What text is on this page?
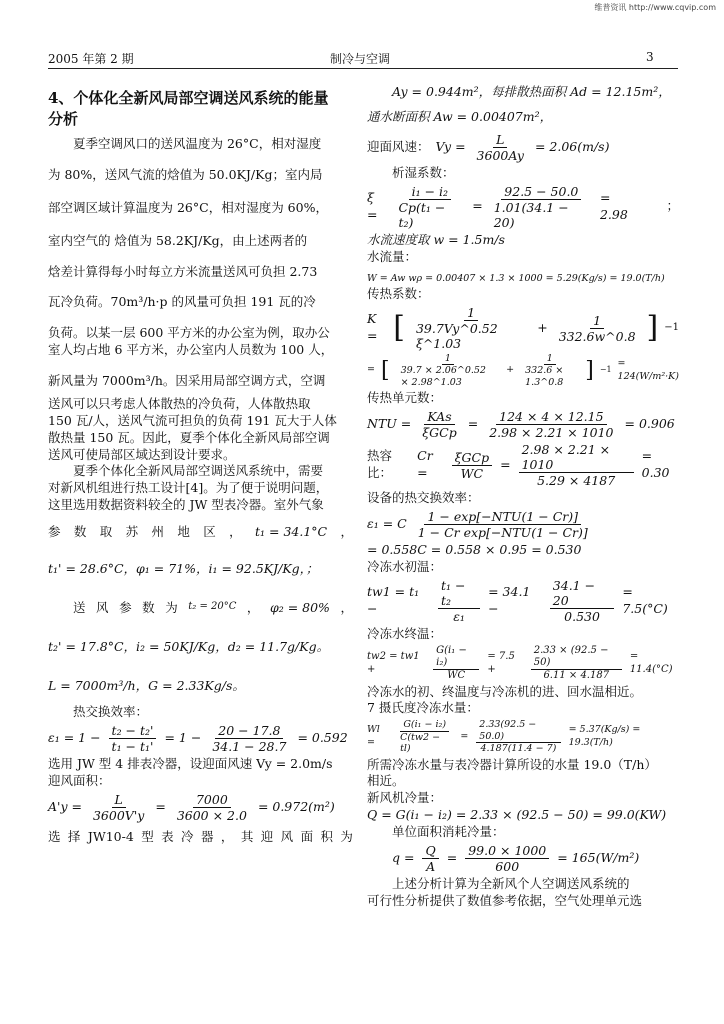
维普资讯 http://www.cqvip.com
2005 年第 2 期	制冷与空调	3

4、个体化全新风局部空调送风系统的能量
分析

夏季空调风口的送风温度为 26°C，相对湿度

为 80%，送风气流的焓值为 50.0KJ/Kg；室内局

部空调区域计算温度为 26°C，相对湿度为 60%，

室内空气的 焓值为 58.2KJ/Kg，由上述两者的

焓差计算得每小时每立方米流量送风可负担 2.73

瓦冷负荷。70m³/h·p 的风量可负担 191 瓦的冷

负荷。以某一层 600 平方米的办公室为例，取办公

室人均占地 6 平方米，办公室内人员数为 100 人，

新风量为 7000m³/h。因采用局部空调方式，空调

送风可以只考虑人体散热的冷负荷，人体散热取

150 瓦/人，送风气流可担负的负荷 191 瓦大于人体

散热量 150 瓦。因此，夏季个体化全新风局部空调

送风可使局部区域达到设计要求。

夏季个体化全新风局部空调送风系统中，需要

对新风机组进行热工设计[4]。为了便于说明问题，

这里选用数据资料较全的 JW 型表冷器。室外气象

参 数 取 苏 州 地 区 ， t₁ = 34.1°C ，

t₁' = 28.6°C，φ₁ = 71%，i₁ = 92.5KJ/Kg，；

送 风 参 数 为 t₂ = 20°C ， φ₂ = 80% ，

t₂' = 17.8°C，i₂ = 50KJ/Kg，d₂ = 11.7g/Kg。

L = 7000m³/h，G = 2.33Kg/s。

热交换效率：

$\varepsilon_1 = 1 - \frac{\text{t₂ − t₂'}}{\text{t₁ − t₁'}} = 1 - \frac{20 - 17.8}{34.1 - 28.7} = 0.592$

选用 JW 型 4 排表冷器，设迎面风速 Vy = 2.0m/s

迎风面积：

$A'y = \frac{L}{3600V'y} = \frac{7000}{3600 \times 2.0} = 0.972(m^2)$
选 择 JW10-4 型 表 冷 器 ， 其 迎 风 面 积 为

Ay = 0.944m²，每排散热面积 Ad = 12.15m²，

通水断面积 Aw = 0.00407m²，

迎面风速： $Vy = \frac{L}{3600Ay} = 2.06(m/s)$

析湿系数：

ξ =	$\frac{\text{i₁ − i₂}}{\text{Cp(t₁ − t₂)}} = \frac{92.5 - 50.0}{1.01(34.1 - 20)} = 2.98$
；

水流速度取 w = 1.5m/s

水流量：

W = Aw wρ = 0.00407 × 1.3 × 1000 = 5.29(Kg/s) = 19.0(T/h)

传热系数：

K = [ $\frac{1}{39.7Vy\^{}0.52 \xi\^{}1.03} + \frac{1}{332.6w\^{}0.8}$ ] −1
= [ $\frac{1}{39.7 \times 2.06\^{}0.52 \times 2.98\^{}1.03} + \frac{1}{332.6 \times 1.3\^{}0.8}$ ] −1
= 124(W/m²·K)

传热单元数：

NTU = $\frac{\text{KAs}}{\text{ξGCp}} = \frac{124 \times 4 \times 12.15}{2.98 \times 2.21 \times 1010} = 0.906$
热容比：
Cr =	$\frac{\text{ξGCp}}{WC} = \frac{2.98 \times 2.21 \times 1010}{5.29 \times 4187} = 0.30$

设备的热交换效率：

ε₁ = C $\frac{\text{1 − exp[−NTU(1 − Cr)]}}{\text{1 − Cr exp[−NTU(1 − Cr)]}}$

= 0.558C = 0.558 × 0.95 = 0.530

冷冻水初温：

tw1 = t₁ −	$\frac{\text{t₁ − t₂}}{\text{ε₁}} = 34.1$ −	$\frac{34.1 - 20}{0.530} = 7.5(^\circ C)$

冷冻水终温：

tw2 = tw1 +	$\frac{\text{G(i₁ − i₂)}}{WC} = 7.5$ +	$\frac{2.33 \times (92.5 - 50)}{6.11 \times 4.187} = 11.4(^\circ C)$

冷冻水的初、终温度与冷冻机的进、回水温相近。

7 摄氏度冷冻水量：

Wl =	$\frac{\text{G(i₁ − i₂)}}{C(tw2 - tl)} = \frac{2.33(92.5 - 50.0)}{4.187(11.4 - 7)} = 5.37(Kg/s) = 19.3(T/h)$

所需冷冻水量与表冷器计算所设的水量 19.0（T/h）

相近。

新风机冷量：

Q = G(i₁ − i₂) = 2.33 × (92.5 − 50) = 99.0(KW)

单位面积消耗冷量：

$q = \frac{Q}{A} = \frac{99.0 \times 1000}{600} = 165(W/m^2)$

上述分析计算为全新风个人空调送风系统的

可行性分析提供了数值参考依据，空气处理单元选
